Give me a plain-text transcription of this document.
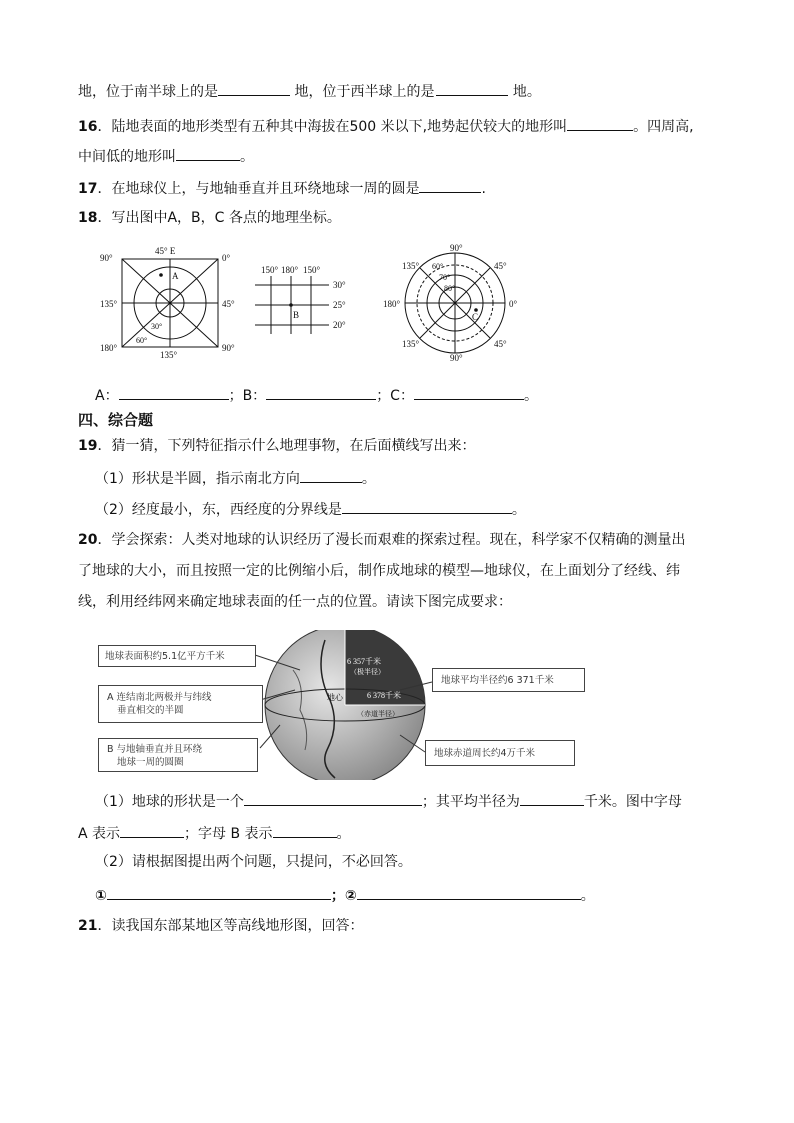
地，位于南半球上的是	地，位于西半球上的是	地。
16．陆地表面的地形类型有五种其中海拔在500 米以下,地势起伏较大的地形叫	。四周高,
中间低的地形叫	。
17．在地球仪上，与地轴垂直并且环绕地球一周的圆是	.
18．写出图中A，B，C 各点的地理坐标。
45° E
90°	0°
135°	45°
180°	90°
135°
A
30°
60°
150° 180° 150°
30°
25°
20°
B
90°
135°	45°
180°	0°
135°	45°
90°
C
60°
70°
80°
A：	；B：	；C：	。
四、综合题
19．猜一猜，下列特征指示什么地理事物，在后面横线写出来：
（1）形状是半圆，指示南北方向	。
（2）经度最小，东，西经度的分界线是	。
20．学会探索：人类对地球的认识经历了漫长而艰难的探索过程。现在，科学家不仅精确的测量出
了地球的大小，而且按照一定的比例缩小后，制作成地球的模型—地球仪，在上面划分了经线、纬
线，利用经纬网来确定地球表面的任一点的位置。请读下图完成要求：
6 357千米
（极半径）
6 378千米
（赤道半径）
地心
地球表面积约5.1亿平方千米
A 连结南北两极并与纬线
垂直相交的半圆
B 与地轴垂直并且环绕
地球一周的圆圈
地球平均半径约6 371千米
地球赤道周长约4万千米
（1）地球的形状是一个	；其平均半径为	千米。图中字母
A 表示	；字母 B 表示	。
（2）请根据图提出两个问题，只提问，不必回答。
①	；②	。
21．读我国东部某地区等高线地形图，回答：
